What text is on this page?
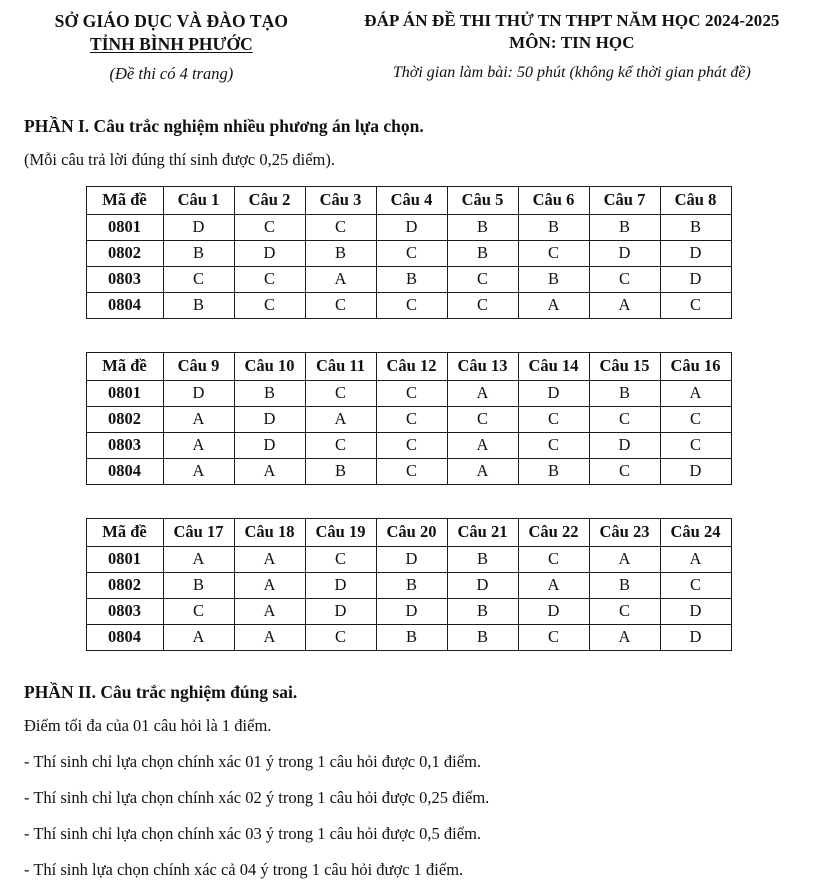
SỞ GIÁO DỤC VÀ ĐÀO TẠO
TỈNH BÌNH PHƯỚC
(Đề thi có 4 trang)
ĐÁP ÁN ĐỀ THI THỬ TN THPT NĂM HỌC 2024-2025
MÔN: TIN HỌC
Thời gian làm bài: 50 phút (không kể thời gian phát đề)
PHẦN I. Câu trắc nghiệm nhiều phương án lựa chọn.
(Mỗi câu trả lời đúng thí sinh được 0,25 điểm).
Mã đề	Câu 1	Câu 2	Câu 3	Câu 4	Câu 5	Câu 6	Câu 7	Câu 8
0801	D	C	C	D	B	B	B	B
0802	B	D	B	C	B	C	D	D
0803	C	C	A	B	C	B	C	D
0804	B	C	C	C	C	A	A	C
Mã đề	Câu 9	Câu 10	Câu 11	Câu 12	Câu 13	Câu 14	Câu 15	Câu 16
0801	D	B	C	C	A	D	B	A
0802	A	D	A	C	C	C	C	C
0803	A	D	C	C	A	C	D	C
0804	A	A	B	C	A	B	C	D
Mã đề	Câu 17	Câu 18	Câu 19	Câu 20	Câu 21	Câu 22	Câu 23	Câu 24
0801	A	A	C	D	B	C	A	A
0802	B	A	D	B	D	A	B	C
0803	C	A	D	D	B	D	C	D
0804	A	A	C	B	B	C	A	D
PHẦN II. Câu trắc nghiệm đúng sai.
Điểm tối đa của 01 câu hỏi là 1 điểm.
- Thí sinh chỉ lựa chọn chính xác 01 ý trong 1 câu hỏi được 0,1 điểm.
- Thí sinh chỉ lựa chọn chính xác 02 ý trong 1 câu hỏi được 0,25 điểm.
- Thí sinh chỉ lựa chọn chính xác 03 ý trong 1 câu hỏi được 0,5 điểm.
- Thí sinh lựa chọn chính xác cả 04 ý trong 1 câu hỏi được 1 điểm.
